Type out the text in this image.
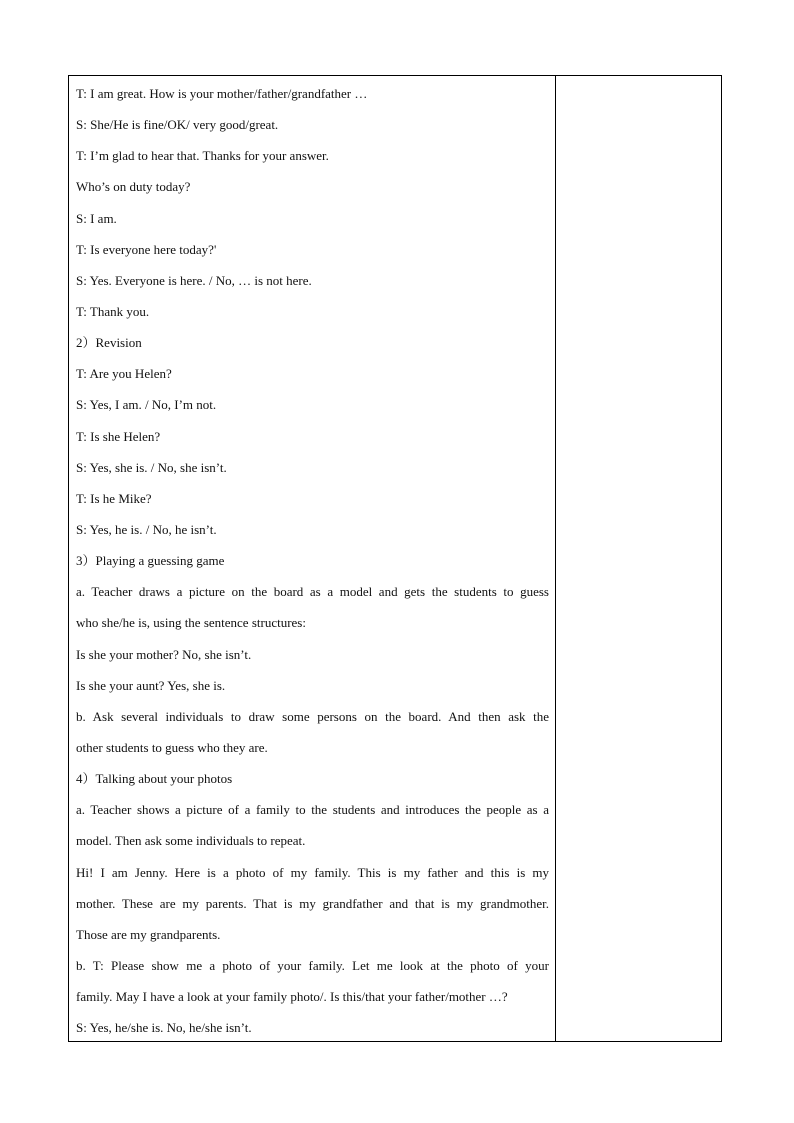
T: I am great. How is your mother/father/grandfather …
S: She/He is fine/OK/ very good/great.
T: I’m glad to hear that. Thanks for your answer.
Who’s on duty today?
S: I am.
T: Is everyone here today?'
S: Yes. Everyone is here. / No, … is not here.
T: Thank you.
2）Revision
T: Are you Helen?
S: Yes, I am. / No, I’m not.
T: Is she Helen?
S: Yes, she is. / No, she isn’t.
T: Is he Mike?
S: Yes, he is. / No, he isn’t.
3）Playing a guessing game
a. Teacher draws a picture on the board as a model and gets the students to guess
who she/he is, using the sentence structures:
Is she your mother? No, she isn’t.
Is she your aunt? Yes, she is.
b. Ask several individuals to draw some persons on the board. And then ask the
other students to guess who they are.
4）Talking about your photos
a. Teacher shows a picture of a family to the students and introduces the people as a
model. Then ask some individuals to repeat.
Hi! I am Jenny. Here is a photo of my family. This is my father and this is my
mother. These are my parents. That is my grandfather and that is my grandmother.
Those are my grandparents.
b. T: Please show me a photo of your family. Let me look at the photo of your
family. May I have a look at your family photo/. Is this/that your father/mother …?
S: Yes, he/she is. No, he/she isn’t.
